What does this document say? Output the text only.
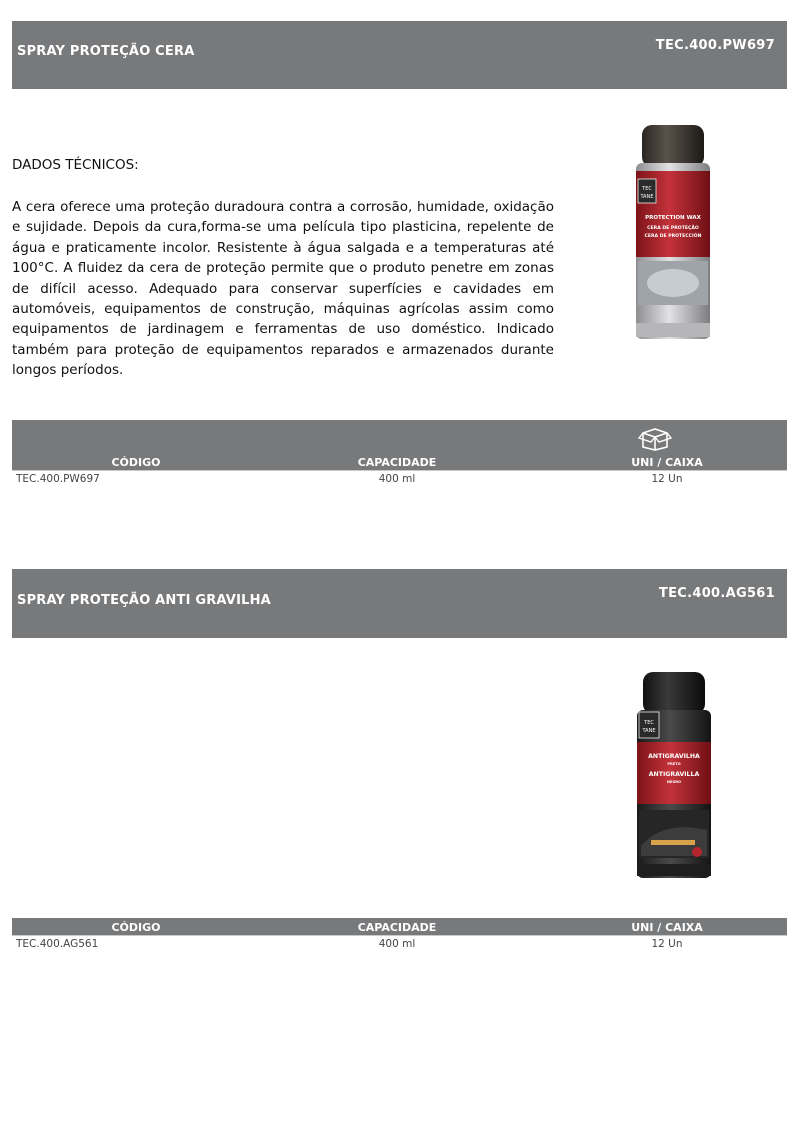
SPRAY PROTEÇÃO CERA	TEC.400.PW697
DADOS TÉCNICOS:

A cera oferece uma proteção duradoura contra a corrosão, humidade, oxidação e sujidade. Depois da cura,forma-se uma película tipo plasticina, repelente de água e praticamente incolor. Resistente à água salgada e a temperaturas até 100°C. A fluidez da cera de proteção permite que o produto penetre em zonas de difícil acesso. Adequado para conservar superfícies e cavidades em automóveis, equipamentos de construção, máquinas agrícolas assim como equipamentos de jardinagem e ferramentas de uso doméstico. Indicado também para proteção de equipamentos reparados e armazenados durante longos períodos.

TEC
TANE
PROTECTION WAX
CERA DE PROTEÇÃO
CERA DE PROTECCIÓN
CÓDIGO	CAPACIDADE	UNI / CAIXA
TEC.400.PW697	400 ml	12 Un
SPRAY PROTEÇÃO ANTI GRAVILHA	TEC.400.AG561
TEC
TANE
ANTIGRAVILHA
PRETO
ANTIGRAVILLA
NEGRO
CÓDIGO	CAPACIDADE	UNI / CAIXA
TEC.400.AG561	400 ml	12 Un
